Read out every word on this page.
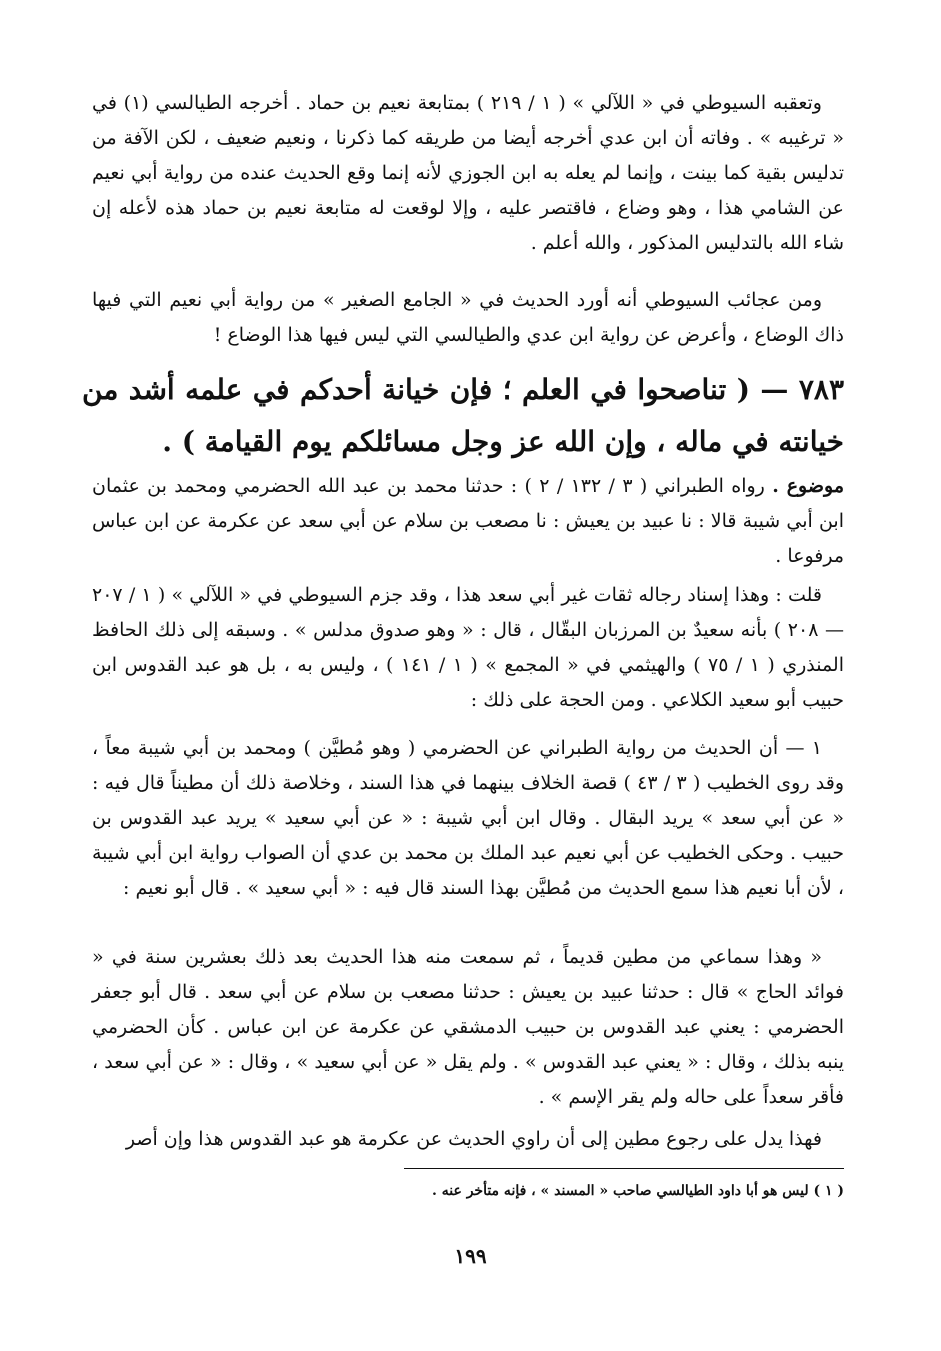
وتعقبه السيوطي في « اللآلي » ( ١ / ٢١٩ ) بمتابعة نعيم بن حماد . أخرجه الطيالسي (١) في « ترغيبه » . وفاته أن ابن عدي أخرجه أيضا من طريقه كما ذكرنا ، ونعيم ضعيف ، لكن الآفة من تدليس بقية كما بينت ، وإنما لم يعله به ابن الجوزي لأنه إنما وقع الحديث عنده من رواية أبي نعيم عن الشامي هذا ، وهو وضاع ، فاقتصر عليه ، وإلا لوقعت له متابعة نعيم بن حماد هذه لأعله إن شاء الله بالتدليس المذكور ، والله أعلم .

ومن عجائب السيوطي أنه أورد الحديث في « الجامع الصغير » من رواية أبي نعيم التي فيها ذاك الوضاع ، وأعرض عن رواية ابن عدي والطيالسي التي ليس فيها هذا الوضاع !

٧٨٣ — ( تناصحوا في العلم ؛ فإن خيانة أحدكم في علمه أشد من خيانته في ماله ، وإن الله عز وجل مسائلكم يوم القيامة ) .

موضوع . رواه الطبراني ( ٣ / ١٣٢ / ٢ ) : حدثنا محمد بن عبد الله الحضرمي ومحمد بن عثمان ابن أبي شيبة قالا : نا عبيد بن يعيش : نا مصعب بن سلام عن أبي سعد عن عكرمة عن ابن عباس مرفوعا .

قلت : وهذا إسناد رجاله ثقات غير أبي سعد هذا ، وقد جزم السيوطي في « اللآلي » ( ١ / ٢٠٧ — ٢٠٨ ) بأنه سعيدٌ بن المرزبان البقّال ، قال : « وهو صدوق مدلس » . وسبقه إلى ذلك الحافظ المنذري ( ١ / ٧٥ ) والهيثمي في « المجمع » ( ١ / ١٤١ ) ، وليس به ، بل هو عبد القدوس ابن حبيب أبو سعيد الكلاعي . ومن الحجة على ذلك :

١ — أن الحديث من رواية الطبراني عن الحضرمي ( وهو مُطيَّن ) ومحمد بن أبي شيبة معاً ، وقد روى الخطيب ( ٣ / ٤٣ ) قصة الخلاف بينهما في هذا السند ، وخلاصة ذلك أن مطيناً قال فيه : « عن أبي سعد » يريد البقال . وقال ابن أبي شيبة : « عن أبي سعيد » يريد عبد القدوس بن حبيب . وحكى الخطيب عن أبي نعيم عبد الملك بن محمد بن عدي أن الصواب رواية ابن أبي شيبة ، لأن أبا نعيم هذا سمع الحديث من مُطيَّن بهذا السند قال فيه : « أبي سعيد » . قال أبو نعيم :

« وهذا سماعي من مطين قديماً ، ثم سمعت منه هذا الحديث بعد ذلك بعشرين سنة في « فوائد الحاج » قال : حدثنا عبيد بن يعيش : حدثنا مصعب بن سلام عن أبي سعد . قال أبو جعفر الحضرمي : يعني عبد القدوس بن حبيب الدمشقي عن عكرمة عن ابن عباس . كأن الحضرمي ينبه بذلك ، وقال : « يعني عبد القدوس » . ولم يقل « عن أبي سعيد » ، وقال : « عن أبي سعد ، فأقر سعداً على حاله ولم يقر الإسم » .

فهذا يدل على رجوع مطين إلى أن راوي الحديث عن عكرمة هو عبد القدوس هذا وإن أصر

( ١ ) ليس هو أبا داود الطيالسي صاحب « المسند » ، فإنه متأخر عنه .

١٩٩
